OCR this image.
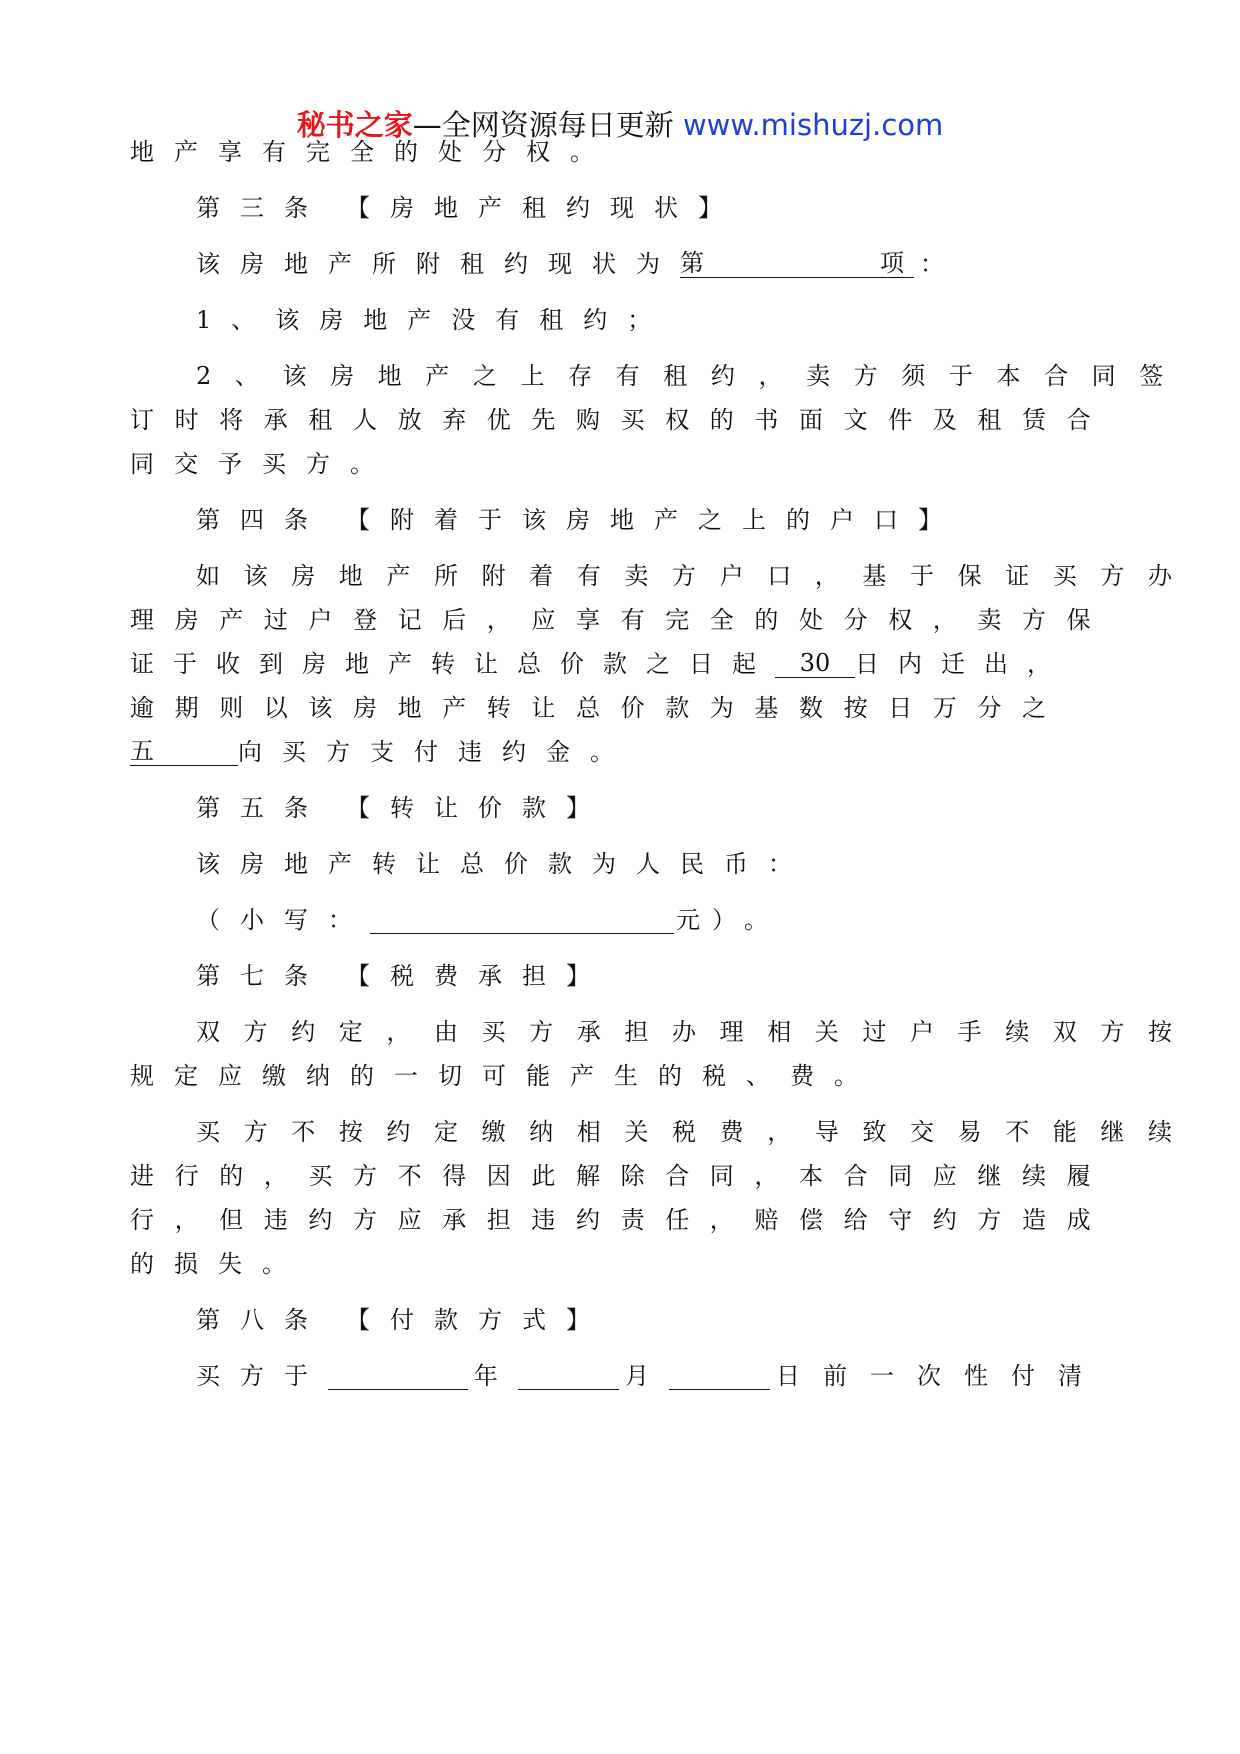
秘书之家—全网资源每日更新 www.mishuzj.com
地产享有完全的处分权。
第三条 【房地产租约现状】
该房地产所附租约现状为 第	项 ：
1、该房地产没有租约；
2、该房地产之上存有租约，卖方须于本合同签
订时将承租人放弃优先购买权的书面文件及租赁合
同交予买方。
第四条 【附着于该房地产之上的户口】
如该房地产所附着有卖方户口，基于保证买方办
理房产过户登记后，应享有完全的处分权，卖方保
证于收到房地产转让总价款之日起	30	日内迁出，
逾期则以该房地产转让总价款为基数按日万分之
五	向买方支付违约金。
第五条 【转让价款】
该房地产转让总价款为人民币：
（小写：	元
）。
第七条 【税费承担】
双方约定，由买方承担办理相关过户手续双方按
规定应缴纳的一切可能产生的税、费。
买方不按约定缴纳相关税费，导致交易不能继续
进行的，买方不得因此解除合同，本合同应继续履
行，但违约方应承担违约责任，赔偿给守约方造成
的损失。
第八条 【付款方式】
买方于	年	月	日前一次性付清
